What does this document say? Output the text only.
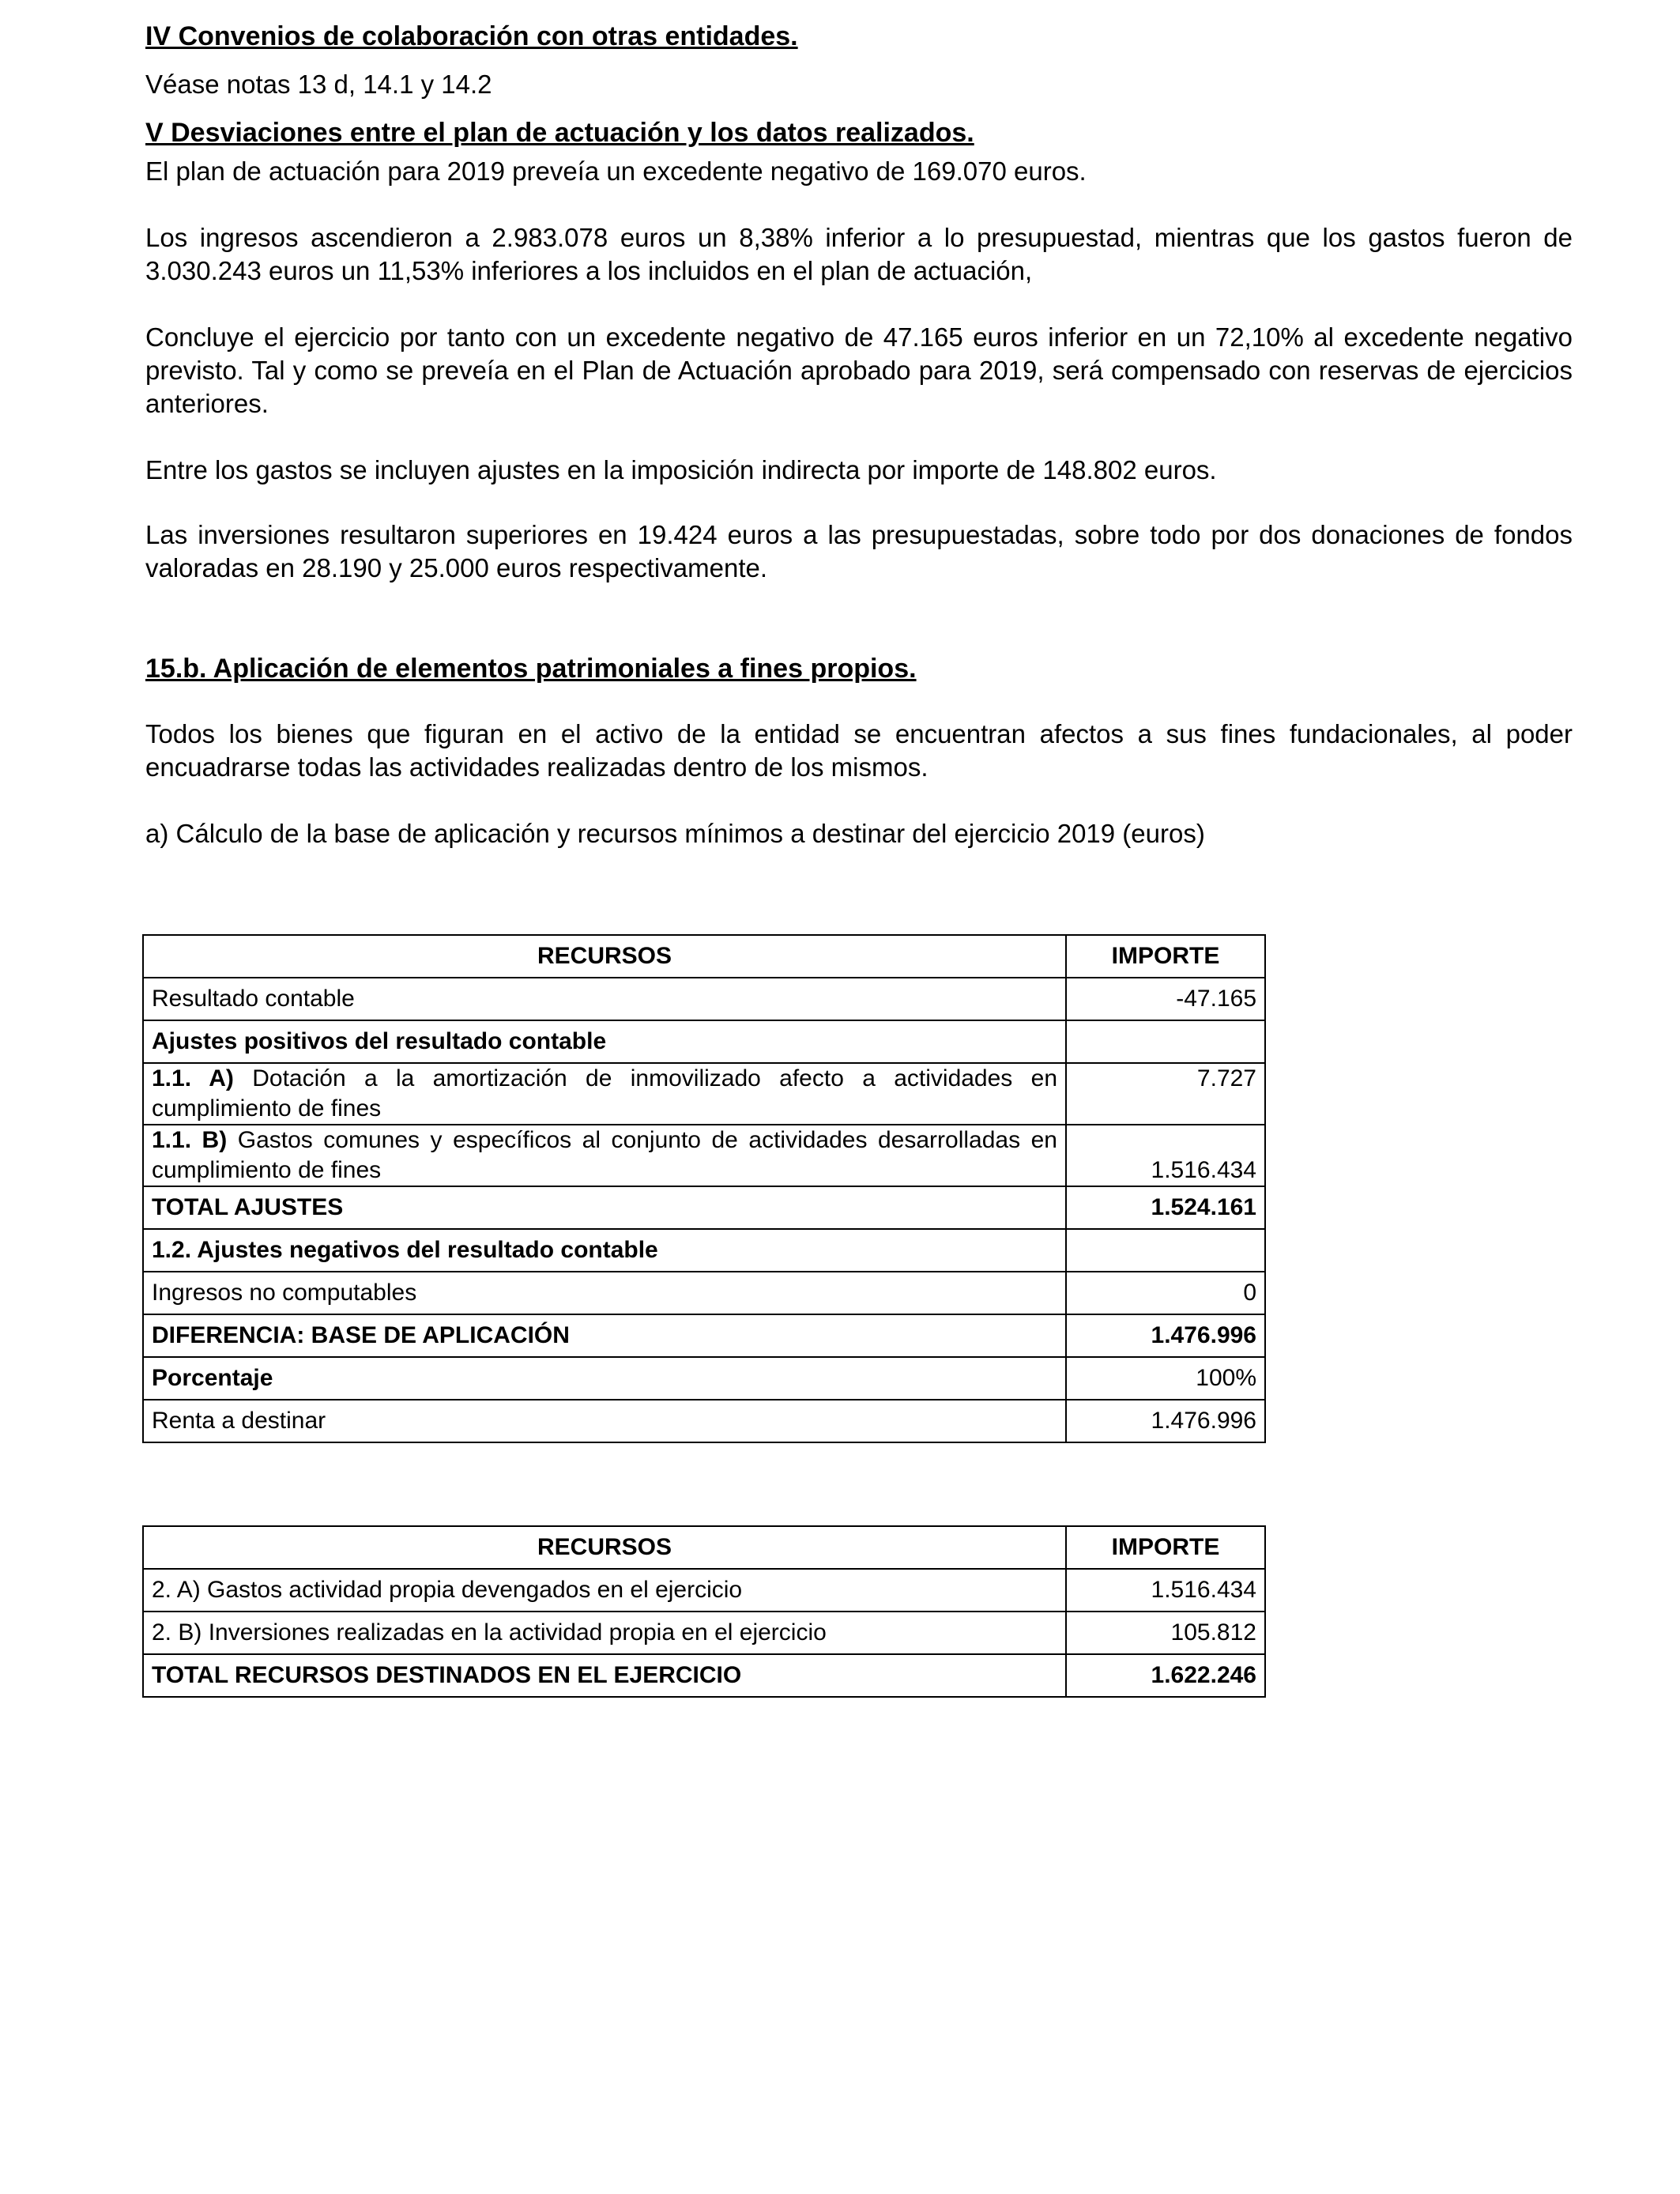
IV Convenios de colaboración con otras entidades.

Véase notas 13 d, 14.1 y 14.2

V Desviaciones entre el plan de actuación y los datos realizados.

El plan de actuación para 2019 preveía un excedente negativo de 169.070 euros.

Los ingresos ascendieron a 2.983.078 euros un 8,38% inferior a lo presupuestad, mientras que los gastos fueron de 3.030.243 euros un 11,53% inferiores a los incluidos en el plan de actuación,

Concluye el ejercicio por tanto con un excedente negativo de 47.165 euros inferior en un 72,10% al excedente negativo previsto. Tal y como se preveía en el Plan de Actuación aprobado para 2019, será compensado con reservas de ejercicios anteriores.

Entre los gastos se incluyen ajustes en la imposición indirecta por importe de 148.802 euros.

Las inversiones resultaron superiores en 19.424 euros a las presupuestadas, sobre todo por dos donaciones de fondos valoradas en 28.190 y 25.000 euros respectivamente.

15.b. Aplicación de elementos patrimoniales a fines propios.

Todos los bienes que figuran en el activo de la entidad se encuentran afectos a sus fines fundacionales, al poder encuadrarse todas las actividades realizadas dentro de los mismos.

a) Cálculo de la base de aplicación y recursos mínimos a destinar del ejercicio 2019 (euros)

RECURSOS	IMPORTE
Resultado contable	-47.165
Ajustes positivos del resultado contable	
1.1. A) Dotación a la amortización de inmovilizado afecto a actividades en cumplimiento de fines	7.727
1.1. B) Gastos comunes y específicos al conjunto de actividades desarrolladas en cumplimiento de fines	1.516.434
TOTAL AJUSTES	1.524.161
1.2. Ajustes negativos del resultado contable	
Ingresos no computables	0
DIFERENCIA: BASE DE APLICACIÓN	1.476.996
Porcentaje	100%
Renta a destinar	1.476.996
RECURSOS	IMPORTE
2. A) Gastos actividad propia devengados en el ejercicio	1.516.434
2. B) Inversiones realizadas en la actividad propia en el ejercicio	105.812
TOTAL RECURSOS DESTINADOS EN EL EJERCICIO	1.622.246
